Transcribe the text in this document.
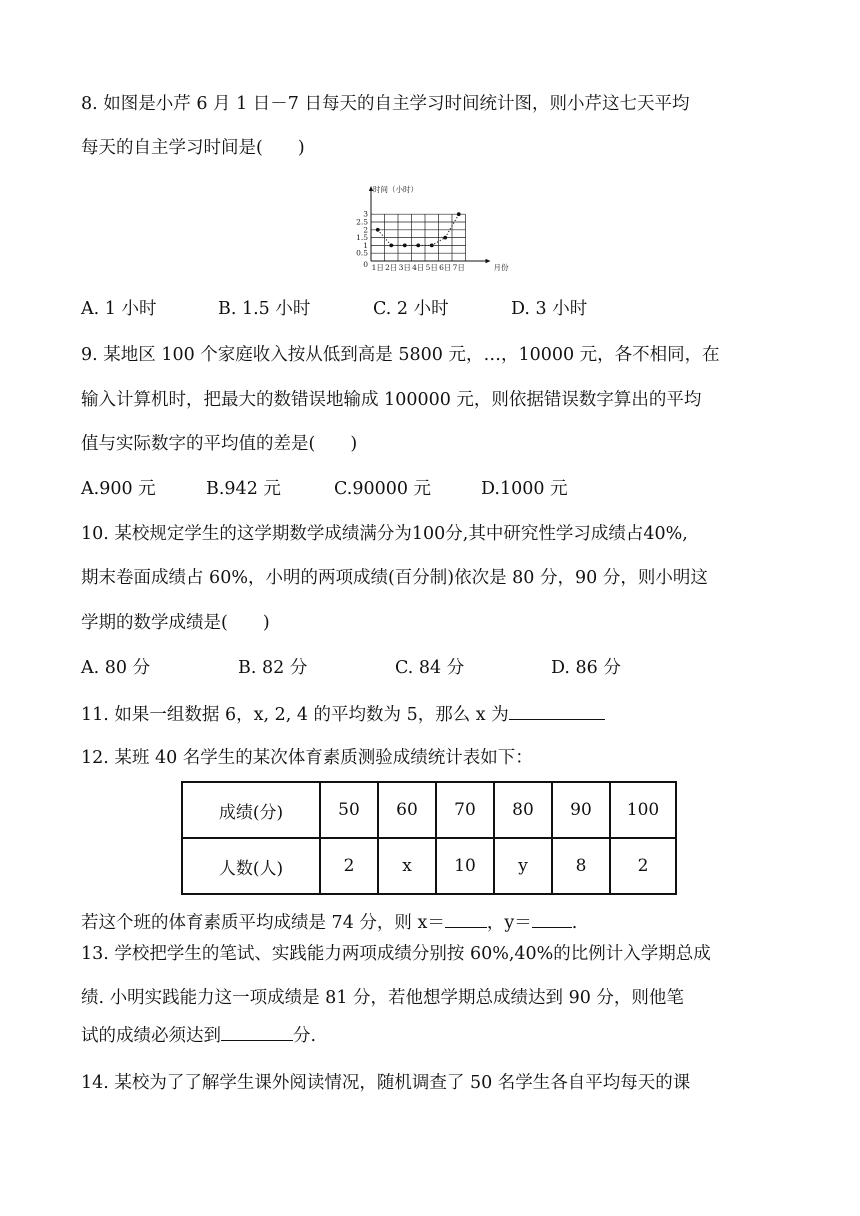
8. 如图是小芹 6 月 1 日－7 日每天的自主学习时间统计图，则小芹这七天平均
每天的自主学习时间是(　　)
0
0.5
1
1.5
2
2.5
3
1日 2日 3日 4日 5日 6日 7日
时间（小时）
月份
A. 1 小时	B. 1.5 小时	C. 2 小时	D. 3 小时
9. 某地区 100 个家庭收入按从低到高是 5800 元，…，10000 元，各不相同，在
输入计算机时，把最大的数错误地输成 100000 元，则依据错误数字算出的平均
值与实际数字的平均值的差是(　　)
A.900 元	B.942 元	C.90000 元	D.1000 元
10. 某校规定学生的这学期数学成绩满分为100分,其中研究性学习成绩占40%,
期末卷面成绩占 60%，小明的两项成绩(百分制)依次是 80 分，90 分，则小明这
学期的数学成绩是(　　)
A. 80 分	B. 82 分	C. 84 分	D. 86 分
11. 如果一组数据 6，x, 2, 4 的平均数为 5，那么 x 为
12. 某班 40 名学生的某次体育素质测验成绩统计表如下：
成绩(分)	50	60	70	80	90	100
人数(人)	2	x	10	y	8	2
若这个班的体育素质平均成绩是 74 分，则 x＝ ，y＝ .
13. 学校把学生的笔试、实践能力两项成绩分别按 60%,40%的比例计入学期总成
绩. 小明实践能力这一项成绩是 81 分，若他想学期总成绩达到 90 分，则他笔
试的成绩必须达到	分.
14. 某校为了了解学生课外阅读情况，随机调查了 50 名学生各自平均每天的课
